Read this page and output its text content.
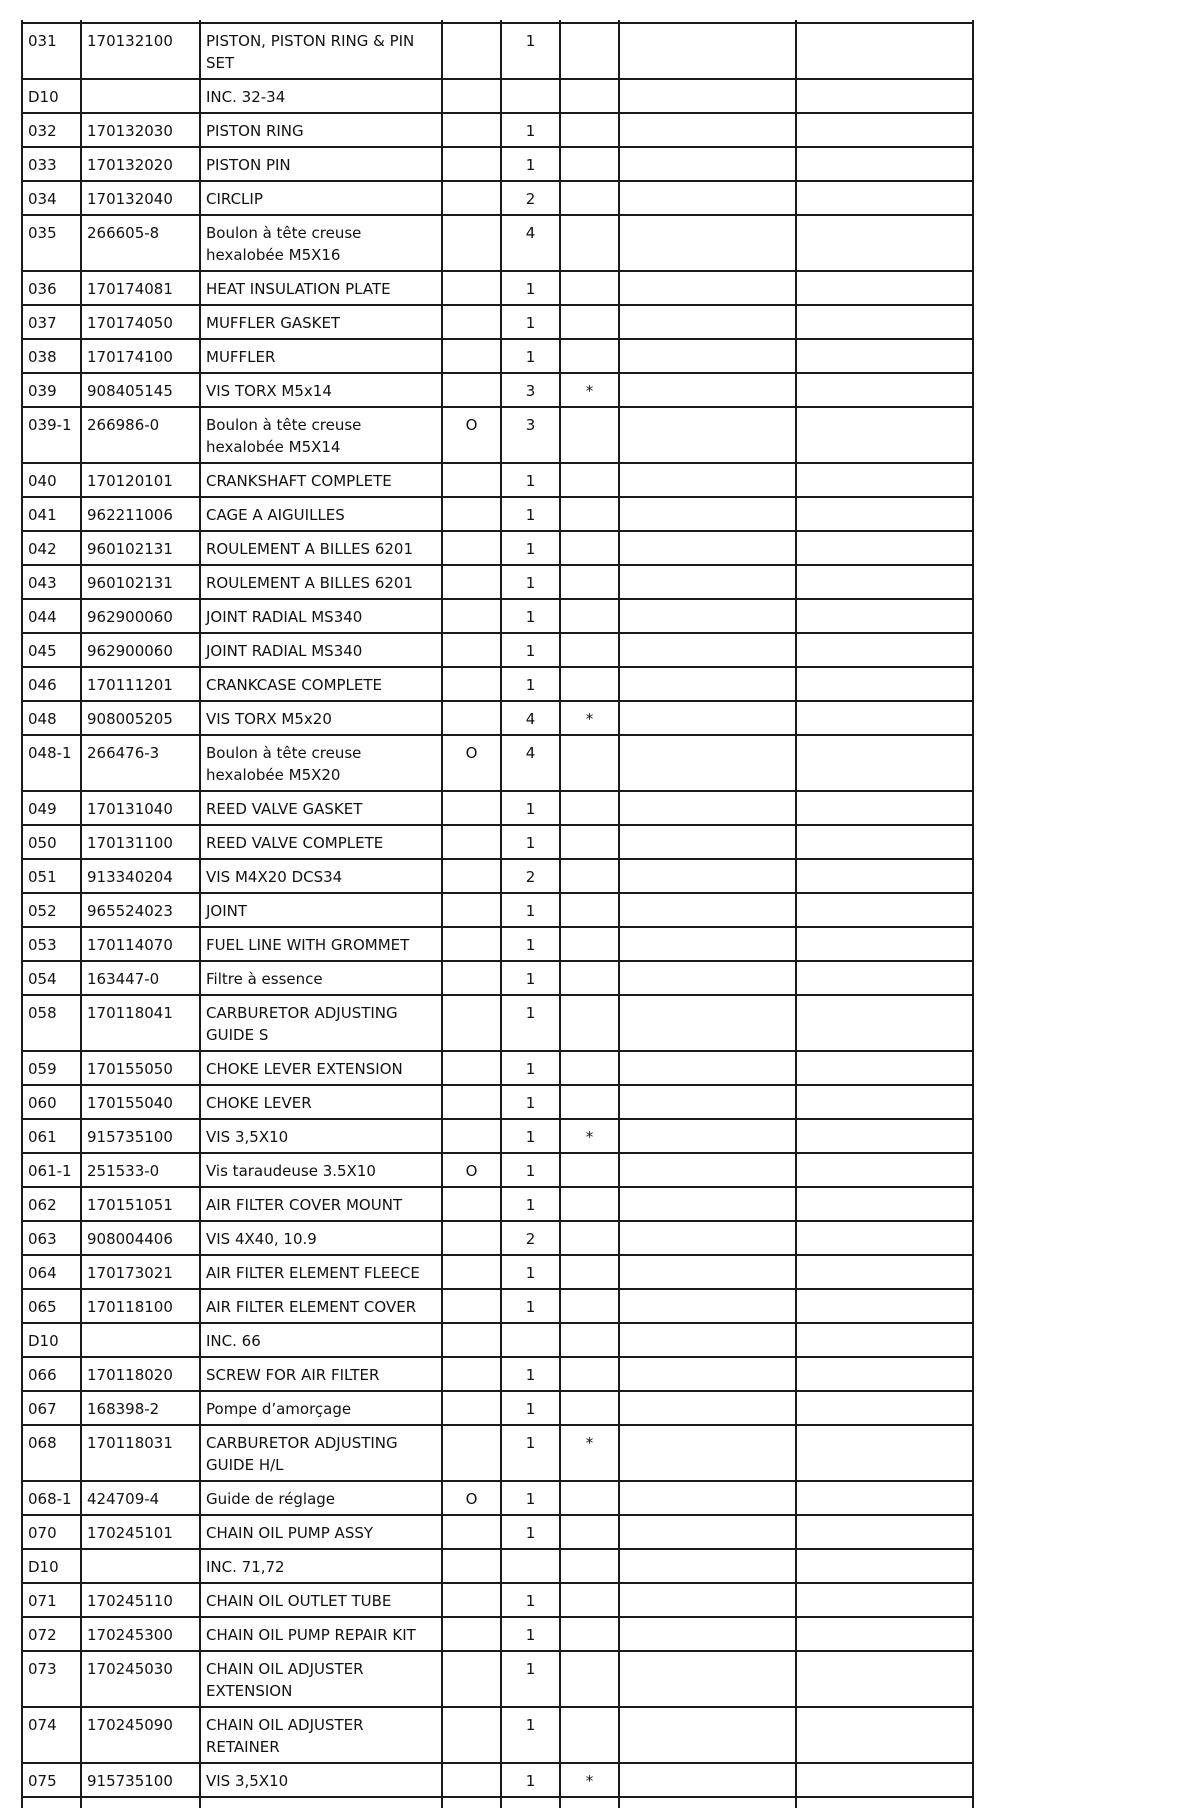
031	170132100	PISTON, PISTON RING & PIN SET		1			
D10		INC. 32-34					
032	170132030	PISTON RING		1			
033	170132020	PISTON PIN		1			
034	170132040	CIRCLIP		2			
035	266605-8	Boulon à tête creuse hexalobée M5X16		4			
036	170174081	HEAT INSULATION PLATE		1			
037	170174050	MUFFLER GASKET		1			
038	170174100	MUFFLER		1			
039	908405145	VIS TORX M5x14		3	*		
039-1	266986-0	Boulon à tête creuse hexalobée M5X14	O	3			
040	170120101	CRANKSHAFT COMPLETE		1			
041	962211006	CAGE A AIGUILLES		1			
042	960102131	ROULEMENT A BILLES 6201		1			
043	960102131	ROULEMENT A BILLES 6201		1			
044	962900060	JOINT RADIAL MS340		1			
045	962900060	JOINT RADIAL MS340		1			
046	170111201	CRANKCASE COMPLETE		1			
048	908005205	VIS TORX M5x20		4	*		
048-1	266476-3	Boulon à tête creuse hexalobée M5X20	O	4			
049	170131040	REED VALVE GASKET		1			
050	170131100	REED VALVE COMPLETE		1			
051	913340204	VIS M4X20 DCS34		2			
052	965524023	JOINT		1			
053	170114070	FUEL LINE WITH GROMMET		1			
054	163447-0	Filtre à essence		1			
058	170118041	CARBURETOR ADJUSTING GUIDE S		1			
059	170155050	CHOKE LEVER EXTENSION		1			
060	170155040	CHOKE LEVER		1			
061	915735100	VIS 3,5X10		1	*		
061-1	251533-0	Vis taraudeuse 3.5X10	O	1			
062	170151051	AIR FILTER COVER MOUNT		1			
063	908004406	VIS 4X40, 10.9		2			
064	170173021	AIR FILTER ELEMENT FLEECE		1			
065	170118100	AIR FILTER ELEMENT COVER		1			
D10		INC. 66					
066	170118020	SCREW FOR AIR FILTER		1			
067	168398-2	Pompe d’amorçage		1			
068	170118031	CARBURETOR ADJUSTING GUIDE H/L		1	*		
068-1	424709-4	Guide de réglage	O	1			
070	170245101	CHAIN OIL PUMP ASSY		1			
D10		INC. 71,72					
071	170245110	CHAIN OIL OUTLET TUBE		1			
072	170245300	CHAIN OIL PUMP REPAIR KIT		1			
073	170245030	CHAIN OIL ADJUSTER EXTENSION		1			
074	170245090	CHAIN OIL ADJUSTER RETAINER		1			
075	915735100	VIS 3,5X10		1	*		
